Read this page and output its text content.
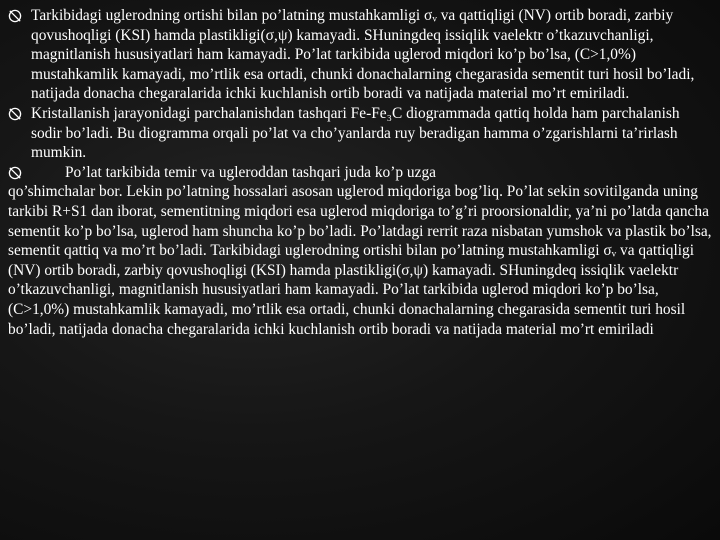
Tarkibidagi uglerodning ortishi bilan po’latning mustahkamligi σᵥ va qattiqligi (NV) ortib boradi, zarbiy qovushoqligi (KSI) hamda plastikligi(σ,ψ) kamayadi. SHuningdeq issiqlik vaelektr o’tkazuvchanligi, magnitlanish hususiyatlari ham kamayadi. Po’lat tarkibida uglerod miqdori ko’p bo’lsa, (C>1,0%) mustahkamlik kamayadi, mo’rtlik esa ortadi, chunki donachalarning chegarasida sementit turi hosil bo’ladi, natijada donacha chegaralarida ichki kuchlanish ortib boradi va natijada material mo’rt emiriladi.
Kristallanish jarayonidagi parchalanishdan tashqari Fe-Fe₃C diogrammada qattiq holda ham parchalanish sodir bo’ladi. Bu diogramma orqali po’lat va cho’yanlarda ruy beradigan hamma o’zgarishlarni ta’rirlash mumkin.
Po’lat tarkibida temir va uglerоddan tashqari juda ko’p uzga
qo’shimchalar bor. Lekin po’latning hossalari asosan uglerod miqdoriga bog’liq. Po’lat sekin sovitilganda uning tarkibi R+S1 dan iborat, sementitning miqdori esa uglerod miqdoriga to’g’ri proorsionaldir, ya’ni po’latda qancha sementit ko’p bo’lsa, uglerod ham shuncha ko’p bo’ladi. Po’latdagi rerrit raza nisbatan yumshok va plastik bo’lsa, sementit qattiq va mo’rt bo’ladi. Tarkibidagi uglerodning ortishi bilan po’latning mustahkamligi σᵥ va qattiqligi (NV) ortib boradi, zarbiy qovushoqligi (KSI) hamda plastikligi(σ,ψ) kamayadi. SHuningdeq issiqlik vaelektr o’tkazuvchanligi, magnitlanish hususiyatlari ham kamayadi. Po’lat tarkibida uglerod miqdori ko’p bo’lsa, (C>1,0%) mustahkamlik kamayadi, mo’rtlik esa ortadi, chunki donachalarning chegarasida sementit turi hosil bo’ladi, natijada donacha chegaralarida ichki kuchlanish ortib boradi va natijada material mo’rt emiriladi
